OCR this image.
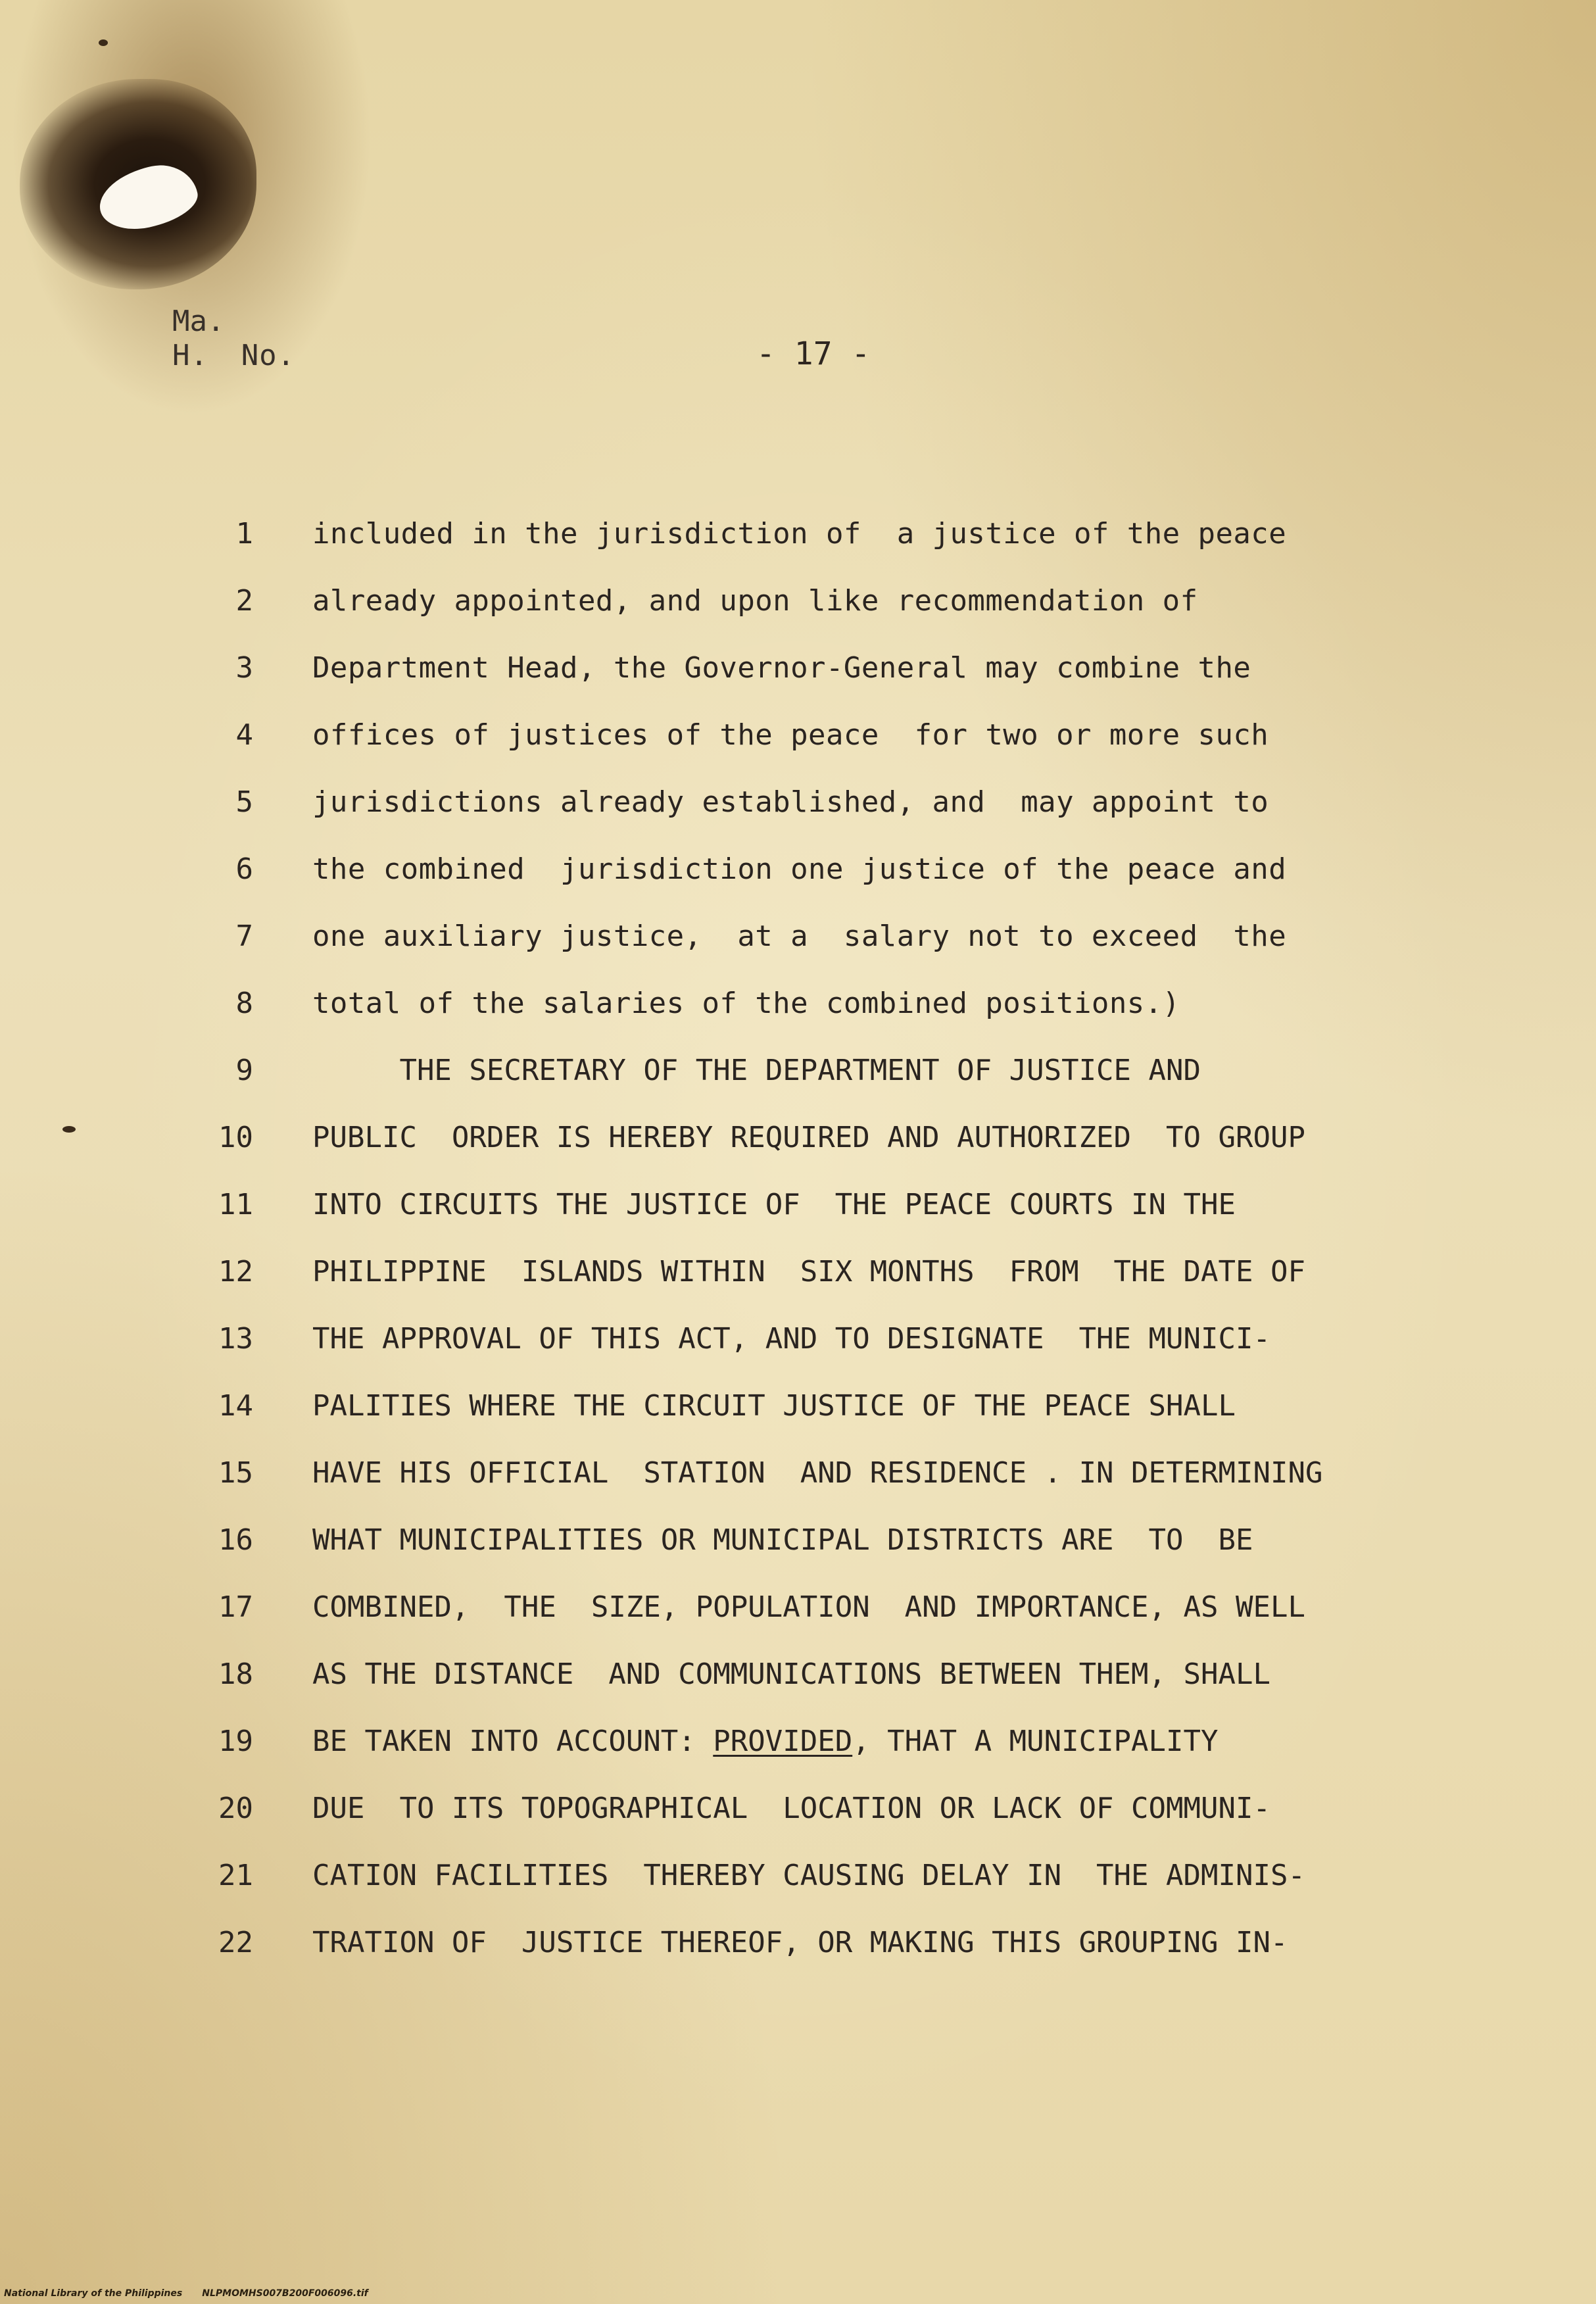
Ma.
H. No.	- 17 -
1 included in the jurisdiction of  a justice of the peace
2 already appointed, and upon like recommendation of
3 Department Head, the Governor-General may combine the
4 offices of justices of the peace  for two or more such
5 jurisdictions already established, and  may appoint to
6 the combined  jurisdiction one justice of the peace and
7 one auxiliary justice,  at a  salary not to exceed  the
8 total of the salaries of the combined positions.)
9 THE SECRETARY OF THE DEPARTMENT OF JUSTICE AND
10 PUBLIC  ORDER IS HEREBY REQUIRED AND AUTHORIZED  TO GROUP
11 INTO CIRCUITS THE JUSTICE OF  THE PEACE COURTS IN THE
12 PHILIPPINE  ISLANDS WITHIN  SIX MONTHS  FROM  THE DATE OF
13 THE APPROVAL OF THIS ACT, AND TO DESIGNATE  THE MUNICI-
14 PALITIES WHERE THE CIRCUIT JUSTICE OF THE PEACE SHALL
15 HAVE HIS OFFICIAL  STATION  AND RESIDENCE . IN DETERMINING
16 WHAT MUNICIPALITIES OR MUNICIPAL DISTRICTS ARE  TO  BE
17 COMBINED,  THE  SIZE, POPULATION  AND IMPORTANCE, AS WELL
18 AS THE DISTANCE  AND COMMUNICATIONS BETWEEN THEM, SHALL
19 BE TAKEN INTO ACCOUNT: PROVIDED, THAT A MUNICIPALITY
20 DUE  TO ITS TOPOGRAPHICAL  LOCATION OR LACK OF COMMUNI-
21 CATION FACILITIES  THEREBY CAUSING DELAY IN  THE ADMINIS-
22 TRATION OF  JUSTICE THEREOF, OR MAKING THIS GROUPING IN-
National Library of the Philippines NLPMOMHS007B200F006096.tif
